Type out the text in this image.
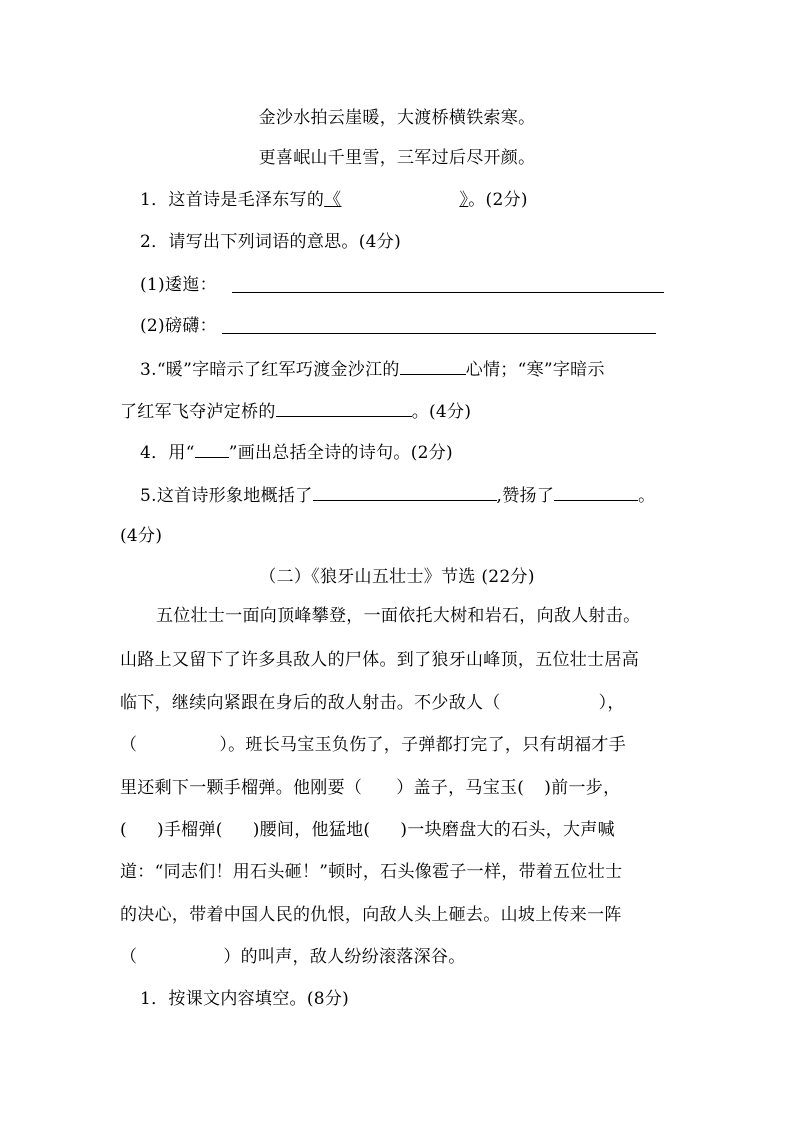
金沙水拍云崖暖，大渡桥横铁索寒。
更喜岷山千里雪，三军过后尽开颜。
1．这首诗是毛泽东写的《	》。(2分)
2．请写出下列词语的意思。(4分)
(1)逶迤：
(2)磅礴：
3.“暖”字暗示了红军巧渡金沙江的	心情；“寒”字暗示
了红军飞夺泸定桥的	。(4分)
4．用“ ”画出总括全诗的诗句。(2分)
5.这首诗形象地概括了	,赞扬了	。
(4分)
（二）《狼牙山五壮士》节选 (22分)
五位壮士一面向顶峰攀登，一面依托大树和岩石，向敌人射击。
山路上又留下了许多具敌人的尸体。到了狼牙山峰顶，五位壮士居高
临下，继续向紧跟在身后的敌人射击。不少敌人（	），
（	）。班长马宝玉负伤了，子弹都打完了，只有胡福才手
里还剩下一颗手榴弹。他刚要（ ）盖子，马宝玉( )前一步，
( )手榴弹( )腰间，他猛地( )一块磨盘大的石头，大声喊
道：“同志们！用石头砸！”顿时，石头像雹子一样，带着五位壮士
的决心，带着中国人民的仇恨，向敌人头上砸去。山坡上传来一阵
（	）的叫声，敌人纷纷滚落深谷。
1．按课文内容填空。(8分)
